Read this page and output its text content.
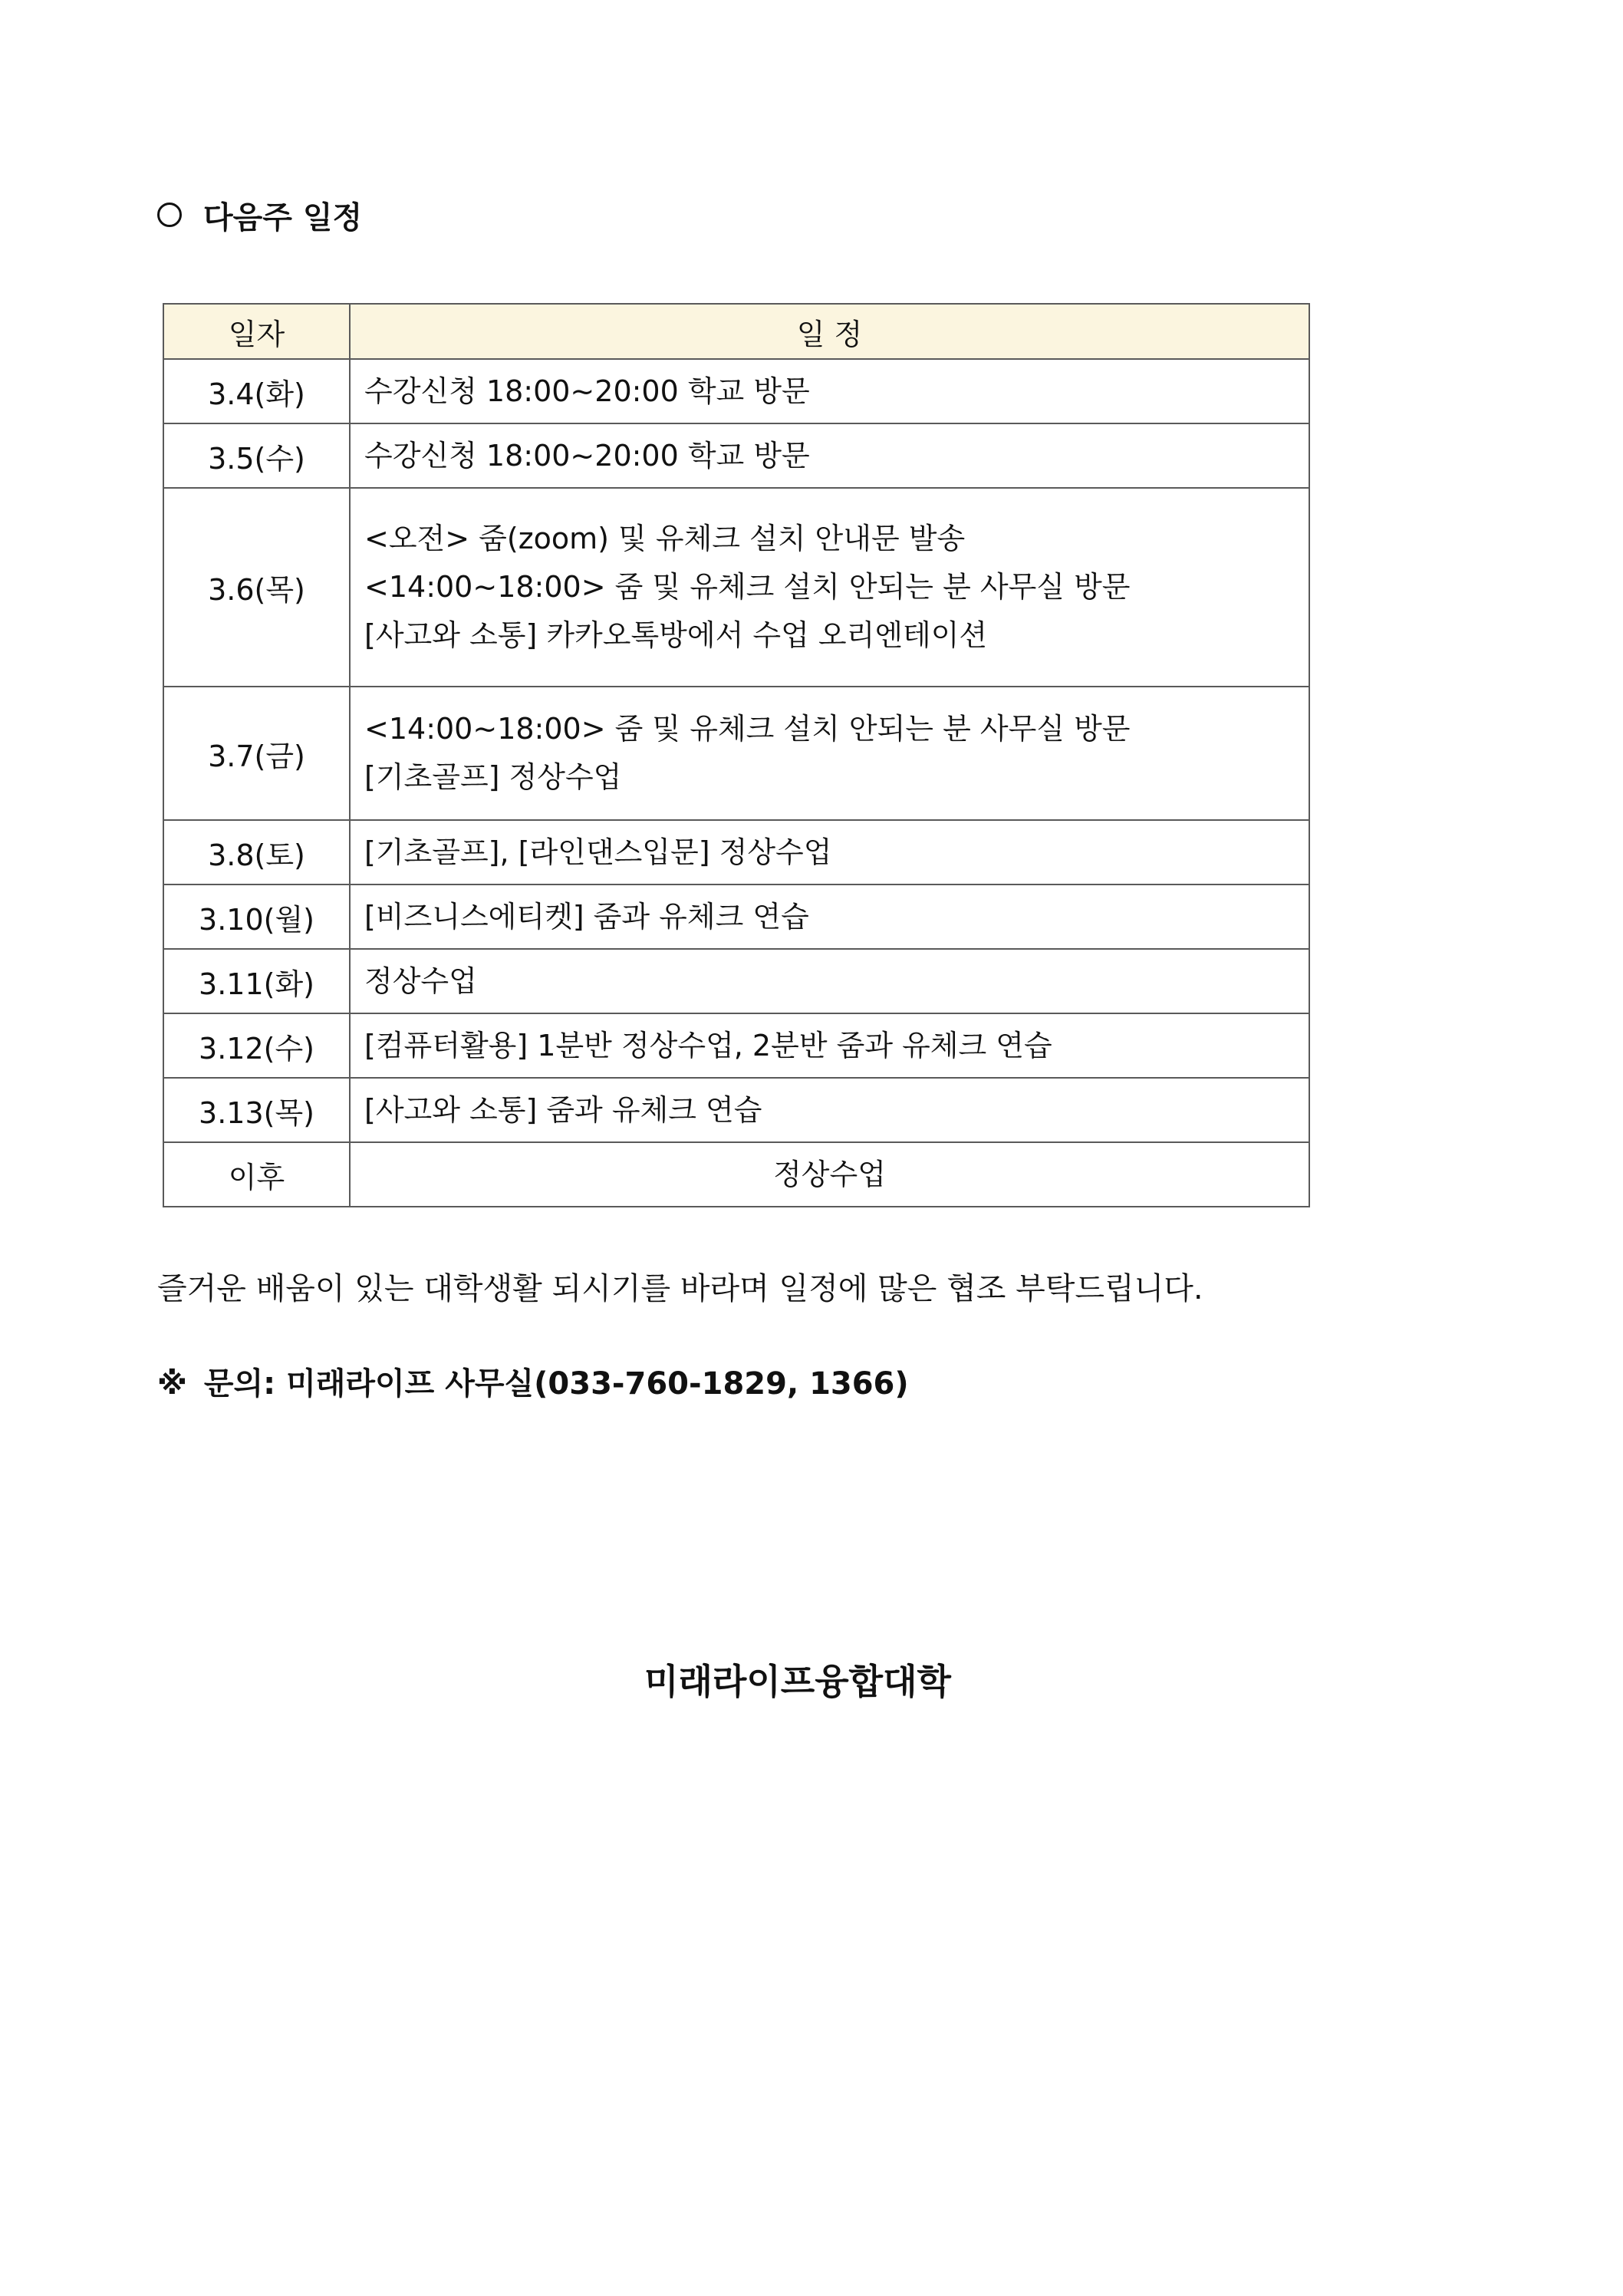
다음주 일정
일자	일 정
3.4(화)	수강신청 18:00~20:00 학교 방문

3.5(수)	수강신청 18:00~20:00 학교 방문

3.6(목)	<오전> 줌(zoom) 및 유체크 설치 안내문 발송
<14:00~18:00> 줌 및 유체크 설치 안되는 분 사무실 방문
[사고와 소통] 카카오톡방에서 수업 오리엔테이션

3.7(금)	<14:00~18:00> 줌 및 유체크 설치 안되는 분 사무실 방문
[기초골프] 정상수업

3.8(토)	[기초골프], [라인댄스입문] 정상수업

3.10(월)	[비즈니스에티켓] 줌과 유체크 연습

3.11(화)	정상수업

3.12(수)	[컴퓨터활용] 1분반 정상수업, 2분반 줌과 유체크 연습

3.13(목)	[사고와 소통] 줌과 유체크 연습

이후	정상수업
즐거운 배움이 있는 대학생활 되시기를 바라며 일정에 많은 협조 부탁드립니다.
※ 문의: 미래라이프 사무실(033-760-1829, 1366)
미래라이프융합대학
